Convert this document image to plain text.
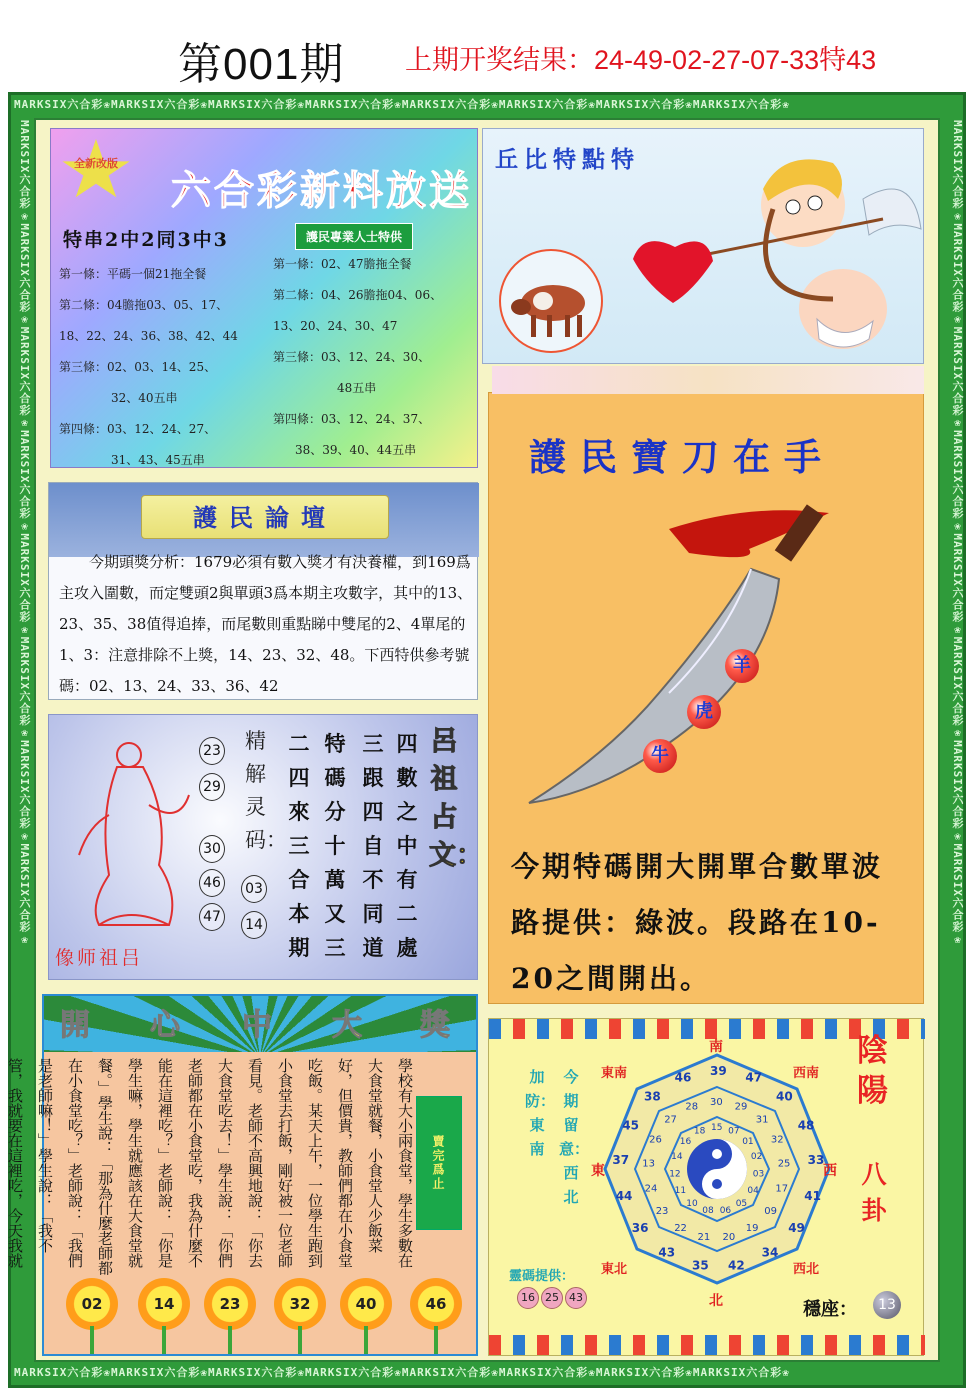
第001期 上期开奖结果：24-49-02-27-07-33特43
MARKSIX六合彩❀MARKSIX六合彩❀MARKSIX六合彩❀MARKSIX六合彩❀MARKSIX六合彩❀MARKSIX六合彩❀MARKSIX六合彩❀MARKSIX六合彩❀
MARKSIX六合彩❀MARKSIX六合彩❀MARKSIX六合彩❀MARKSIX六合彩❀MARKSIX六合彩❀MARKSIX六合彩❀MARKSIX六合彩❀MARKSIX六合彩❀
MARKSIX六合彩❀MARKSIX六合彩❀MARKSIX六合彩❀MARKSIX六合彩❀MARKSIX六合彩❀MARKSIX六合彩❀MARKSIX六合彩❀MARKSIX六合彩❀	MARKSIX六合彩❀MARKSIX六合彩❀MARKSIX六合彩❀MARKSIX六合彩❀MARKSIX六合彩❀MARKSIX六合彩❀MARKSIX六合彩❀MARKSIX六合彩❀
全新改版
六合彩新料放送
特串2中2同3中3	護民專業人士特供
第一條：平碼一個21拖全餐
第二條：04膽拖03、05、17、
18、22、24、36、38、42、44
第三條：02、03、14、25、
32、40五串
第四條：03、12、24、27、
31、43、45五串
第一條：02、47膽拖全餐
第二條：04、26膽拖04、06、
13、20、24、30、47
第三條：03、12、24、30、
48五串
第四條：03、12、24、37、
38、39、40、44五串
丘比特點特
護民寶刀在手
羊
虎
牛
今期特碼開大開單合數單波路提供：綠波。段路在10-20之間開出。
護民論壇
今期頭獎分析：1679必須有數入獎才有決養權，到169爲主攻入圍數，而定雙頭2與單頭3爲本期主攻數字，其中的13、23、35、38值得追捧，而尾數則重點睇中雙尾的2、4單尾的1、3：注意排除不上獎，14、23、32、48。下西特供參考號碼：02、13、24、33、36、42
像师祖吕
精解灵码：
23
29
30
46
47
03
14
四數之中有二處
三跟四自不同道
特碼分十萬又三
二四來三合本期
呂祖占文：
開 心 中 大 獎
學校有大小兩食堂，學生多數在大食堂就餐，小食堂人少飯菜好，但價貴，教師們都在小食堂吃飯。某天上午，一位學生跑到小食堂去打飯，剛好被一位老師看見。老師不高興地說：「你去大食堂吃去！」學生說：「你們老師都在小食堂吃，我為什麼不能在這裡吃？」老師說：「你是學生嘛，學生就應該在大食堂就餐。」學生說：「那為什麼老師都在小食堂吃？」老師說：「我們是老師嘛！」學生說：「我不管，我就要在這裡吃，今天我就
賣完爲止
02	14	23	32	40	46
加防：東南
今期留意：西北
靈碼提供：
16 25 43
南
北
東	西
東南	西南
東北	西北
39 47
40
48
33
41
49
34
42
35
43
36
44
37
45
38
46
30 29
31
32
25
17
09
19
20
21
22
23
24
13
26
27
28
15 07
01
02
03
04
05
06
08
10
11
12
14
16
18
陰陽
八卦
穩座：	13
